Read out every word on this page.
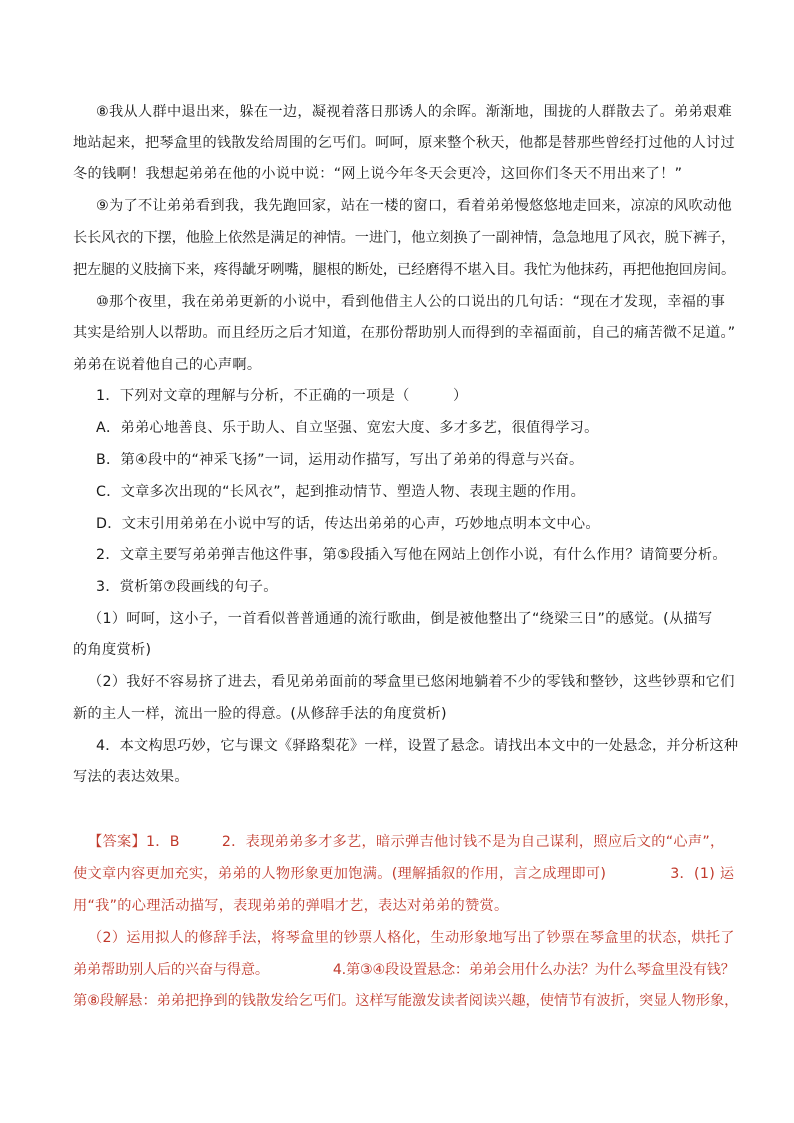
⑧我从人群中退出来，躲在一边，凝视着落日那诱人的余晖。渐渐地，围拢的人群散去了。弟弟艰难
地站起来，把琴盒里的钱散发给周围的乞丐们。呵呵，原来整个秋天，他都是替那些曾经打过他的人讨过
冬的钱啊！我想起弟弟在他的小说中说：“网上说今年冬天会更冷，这回你们冬天不用出来了！”
⑨为了不让弟弟看到我，我先跑回家，站在一楼的窗口，看着弟弟慢悠悠地走回来，凉凉的风吹动他
长长风衣的下摆，他脸上依然是满足的神情。一进门，他立刻换了一副神情，急急地甩了风衣，脱下裤子，
把左腿的义肢摘下来，疼得龇牙咧嘴，腿根的断处，已经磨得不堪入目。我忙为他抹药，再把他抱回房间。
⑩那个夜里，我在弟弟更新的小说中，看到他借主人公的口说出的几句话：“现在才发现，幸福的事
其实是给别人以帮助。而且经历之后才知道，在那份帮助别人而得到的幸福面前，自己的痛苦微不足道。”
弟弟在说着他自己的心声啊。
1．下列对文章的理解与分析，不正确的一项是（　　　）
A．弟弟心地善良、乐于助人、自立坚强、宽宏大度、多才多艺，很值得学习。
B．第④段中的“神采飞扬”一词，运用动作描写，写出了弟弟的得意与兴奋。
C．文章多次出现的“长风衣”，起到推动情节、塑造人物、表现主题的作用。
D．文末引用弟弟在小说中写的话，传达出弟弟的心声，巧妙地点明本文中心。
2．文章主要写弟弟弹吉他这件事，第⑤段插入写他在网站上创作小说，有什么作用？请简要分析。
3．赏析第⑦段画线的句子。
（1）呵呵，这小子，一首看似普普通通的流行歌曲，倒是被他整出了“绕梁三日”的感觉。(从描写
的角度赏析)
（2）我好不容易挤了进去，看见弟弟面前的琴盒里已悠闲地躺着不少的零钱和整钞，这些钞票和它们
新的主人一样，流出一脸的得意。(从修辞手法的角度赏析)
4．本文构思巧妙，它与课文《驿路梨花》一样，设置了悬念。请找出本文中的一处悬念，并分析这种
写法的表达效果。
【答案】1．B	2．表现弟弟多才多艺，暗示弹吉他讨钱不是为自己谋利，照应后文的“心声”，
使文章内容更加充实，弟弟的人物形象更加饱满。(理解插叙的作用，言之成理即可)	3．(1) 运
用“我”的心理活动描写，表现弟弟的弹唱才艺，表达对弟弟的赞赏。
（2）运用拟人的修辞手法，将琴盒里的钞票人格化，生动形象地写出了钞票在琴盒里的状态，烘托了
弟弟帮助别人后的兴奋与得意。	4.第③④段设置悬念：弟弟会用什么办法？为什么琴盒里没有钱？
第⑧段解悬：弟弟把挣到的钱散发给乞丐们。这样写能激发读者阅读兴趣，使情节有波折，突显人物形象，
